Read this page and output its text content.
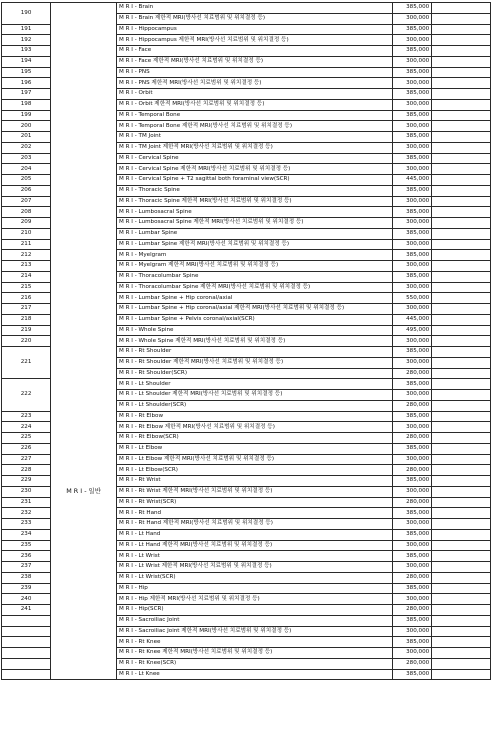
190	M R I - 일반	M R I - Brain	385,000	
		M R I - Brain 제한적 MRI(방사선 치료범위 및 위치결정 등)	300,000	
191		M R I - Hippocampus	385,000	
192		M R I - Hippocampus 제한적 MRI(방사선 치료범위 및 위치결정 등)	300,000	
193		M R I - Face	385,000	
194		M R I - Face 제한적 MRI(방사선 치료범위 및 위치결정 등)	300,000	
195		M R I - PNS	385,000	
196		M R I - PNS 제한적 MRI(방사선 치료범위 및 위치결정 등)	300,000	
197		M R I - Orbit	385,000	
198		M R I - Orbit 제한적 MRI(방사선 치료범위 및 위치결정 등)	300,000	
199		M R I - Temporal Bone	385,000	
200		M R I - Temporal Bone 제한적 MRI(방사선 치료범위 및 위치결정 등)	300,000	
201		M R I - TM Joint	385,000	
202		M R I - TM Joint 제한적 MRI(방사선 치료범위 및 위치결정 등)	300,000	
203		M R I - Cervical Spine	385,000	
204		M R I - Cervical Spine 제한적 MRI(방사선 치료범위 및 위치결정 등)	300,000	
205		M R I - Cervical Spine + T2 sagittal both foraminal view(SCR)	445,000	
206		M R I - Thoracic Spine	385,000	
207		M R I - Thoracic Spine 제한적 MRI(방사선 치료범위 및 위치결정 등)	300,000	
208		M R I - Lumbosacral Spine	385,000	
209		M R I - Lumbosacral Spine 제한적 MRI(방사선 치료범위 및 위치결정 등)	300,000	
210		M R I - Lumbar Spine	385,000	
211		M R I - Lumbar Spine 제한적 MRI(방사선 치료범위 및 위치결정 등)	300,000	
212		M R I - Myelgram	385,000	
213		M R I - Myelgram 제한적 MRI(방사선 치료범위 및 위치결정 등)	300,000	
214		M R I - Thoracolumbar Spine	385,000	
215		M R I - Thoracolumbar Spine 제한적 MRI(방사선 치료범위 및 위치결정 등)	300,000	
216		M R I - Lumbar Spine + Hip coronal/axial	550,000	
217		M R I - Lumbar Spine + Hip coronal/axial 제한적 MRI(방사선 치료범위 및 위치결정 등)	300,000	
218		M R I - Lumbar Spine + Pelvis coronal/axial(SCR)	445,000	
219		M R I - Whole Spine	495,000	
220		M R I - Whole Spine 제한적 MRI(방사선 치료범위 및 위치결정 등)	300,000	
221		M R I - Rt Shoulder	385,000	
		M R I - Rt Shoulder 제한적 MRI(방사선 치료범위 및 위치결정 등)	300,000	
		M R I - Rt Shoulder(SCR)	280,000	
222		M R I - Lt Shoulder	385,000	
		M R I - Lt Shoulder 제한적 MRI(방사선 치료범위 및 위치결정 등)	300,000	
		M R I - Lt Shoulder(SCR)	280,000	
223		M R I - Rt Elbow	385,000	
224		M R I - Rt Elbow 제한적 MRI(방사선 치료범위 및 위치결정 등)	300,000	
225		M R I - Rt Elbow(SCR)	280,000	
226		M R I - Lt Elbow	385,000	
227		M R I - Lt Elbow 제한적 MRI(방사선 치료범위 및 위치결정 등)	300,000	
228		M R I - Lt Elbow(SCR)	280,000	
229		M R I - Rt Wrist	385,000	
230		M R I - Rt Wrist 제한적 MRI(방사선 치료범위 및 위치결정 등)	300,000	
231		M R I - Rt Wrist(SCR)	280,000	
232		M R I - Rt Hand	385,000	
233		M R I - Rt Hand 제한적 MRI(방사선 치료범위 및 위치결정 등)	300,000	
234		M R I - Lt Hand	385,000	
235		M R I - Lt Hand 제한적 MRI(방사선 치료범위 및 위치결정 등)	300,000	
236		M R I - Lt Wrist	385,000	
237		M R I - Lt Wrist 제한적 MRI(방사선 치료범위 및 위치결정 등)	300,000	
238		M R I - Lt Wrist(SCR)	280,000	
239		M R I - Hip	385,000	
240		M R I - Hip 제한적 MRI(방사선 치료범위 및 위치결정 등)	300,000	
241		M R I - Hip(SCR)	280,000	
		M R I - Sacroiliac Joint	385,000	
		M R I - Sacroiliac Joint 제한적 MRI(방사선 치료범위 및 위치결정 등)	300,000	
		M R I - Rt Knee	385,000	
		M R I - Rt Knee 제한적 MRI(방사선 치료범위 및 위치결정 등)	300,000	
		M R I - Rt Knee(SCR)	280,000	
		M R I - Lt Knee	385,000	
